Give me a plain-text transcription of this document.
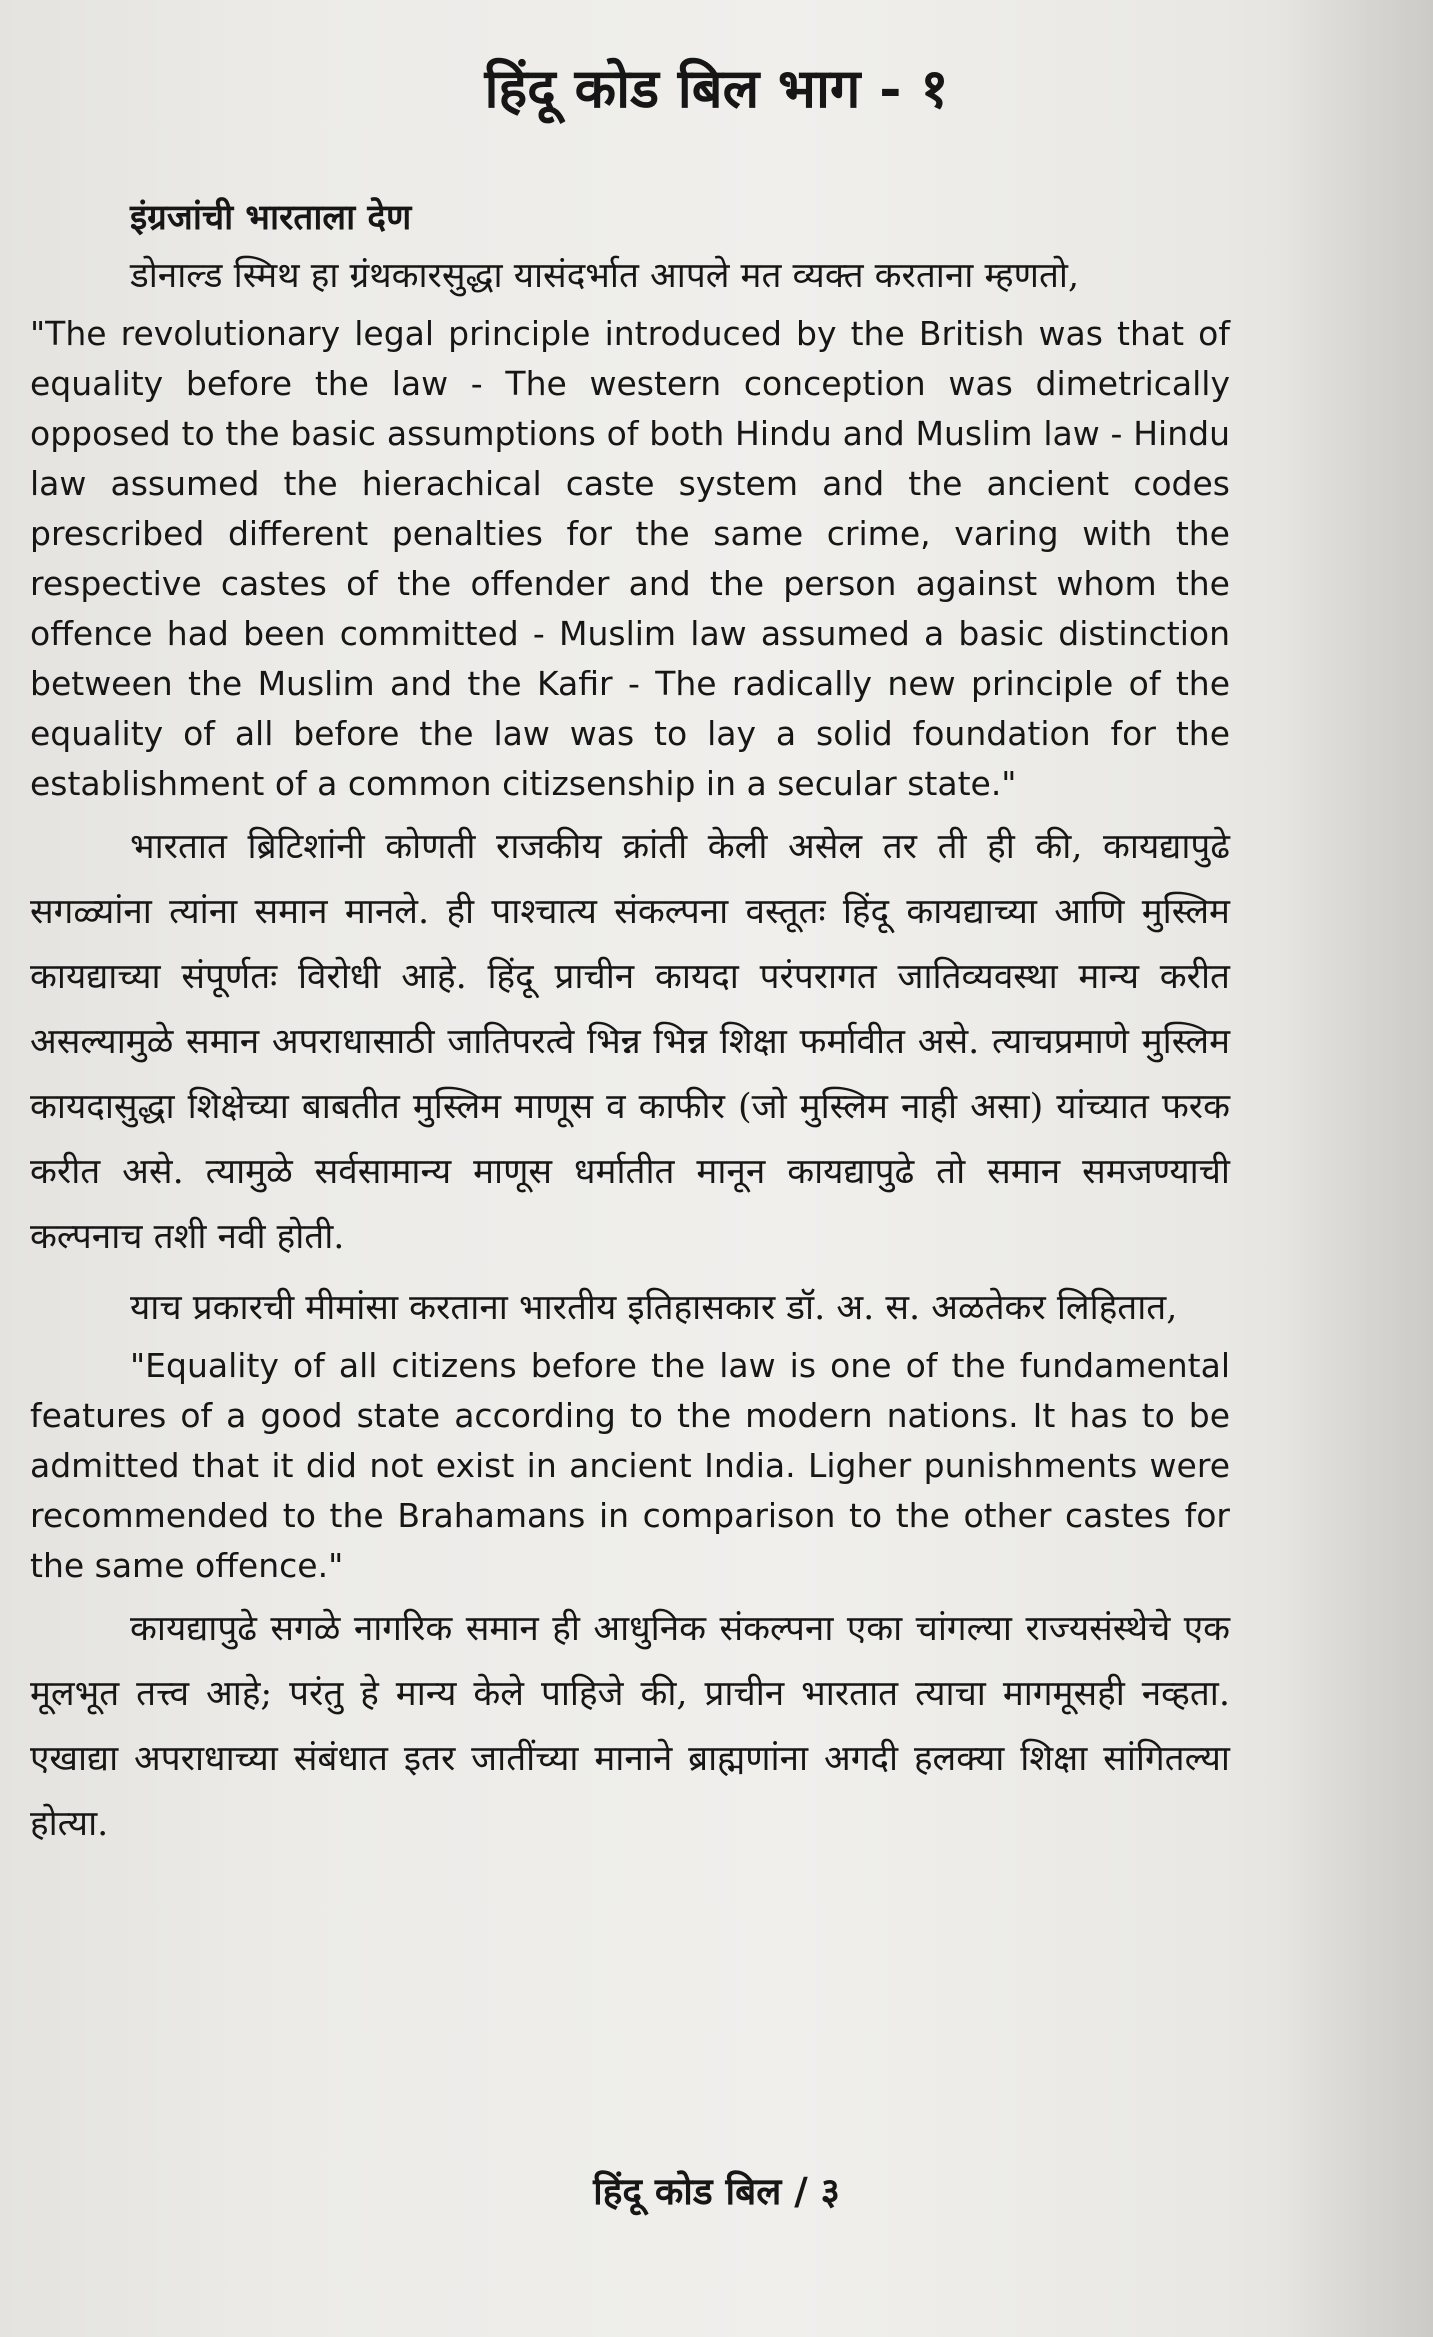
हिंदू कोड बिल भाग - १
इंग्रजांची भारताला देण

डोनाल्ड स्मिथ हा ग्रंथकारसुद्धा यासंदर्भात आपले मत व्यक्त करताना म्हणतो,

"The revolutionary legal principle introduced by the British was that of equality before the law - The western conception was dimetrically opposed to the basic assumptions of both Hindu and Muslim law - Hindu law assumed the hierachical caste system and the ancient codes prescribed different penalties for the same crime, varing with the respective castes of the offender and the person against whom the offence had been committed - Muslim law assumed a basic distinction between the Muslim and the Kafir - The radically new principle of the equality of all before the law was to lay a solid foundation for the establishment of a common citizsenship in a secular state."

भारतात ब्रिटिशांनी कोणती राजकीय क्रांती केली असेल तर ती ही की, कायद्यापुढे सगळ्यांना त्यांना समान मानले. ही पाश्चात्य संकल्पना वस्तूतः हिंदू कायद्याच्या आणि मुस्लिम कायद्याच्या संपूर्णतः विरोधी आहे. हिंदू प्राचीन कायदा परंपरागत जातिव्यवस्था मान्य करीत असल्यामुळे समान अपराधासाठी जातिपरत्वे भिन्न भिन्न शिक्षा फर्मावीत असे. त्याचप्रमाणे मुस्लिम कायदासुद्धा शिक्षेच्या बाबतीत मुस्लिम माणूस व काफीर (जो मुस्लिम नाही असा) यांच्यात फरक करीत असे. त्यामुळे सर्वसामान्य माणूस धर्मातीत मानून कायद्यापुढे तो समान समजण्याची कल्पनाच तशी नवी होती.

याच प्रकारची मीमांसा करताना भारतीय इतिहासकार डॉ. अ. स. अळतेकर लिहितात,

"Equality of all citizens before the law is one of the fundamental features of a good state according to the modern nations. It has to be admitted that it did not exist in ancient India. Ligher punishments were recommended to the Brahamans in comparison to the other castes for the same offence."

कायद्यापुढे सगळे नागरिक समान ही आधुनिक संकल्पना एका चांगल्या राज्यसंस्थेचे एक मूलभूत तत्त्व आहे; परंतु हे मान्य केले पाहिजे की, प्राचीन भारतात त्याचा मागमूसही नव्हता. एखाद्या अपराधाच्या संबंधात इतर जातींच्या मानाने ब्राह्मणांना अगदी हलक्या शिक्षा सांगितल्या होत्या.

हिंदू कोड बिल / ३
